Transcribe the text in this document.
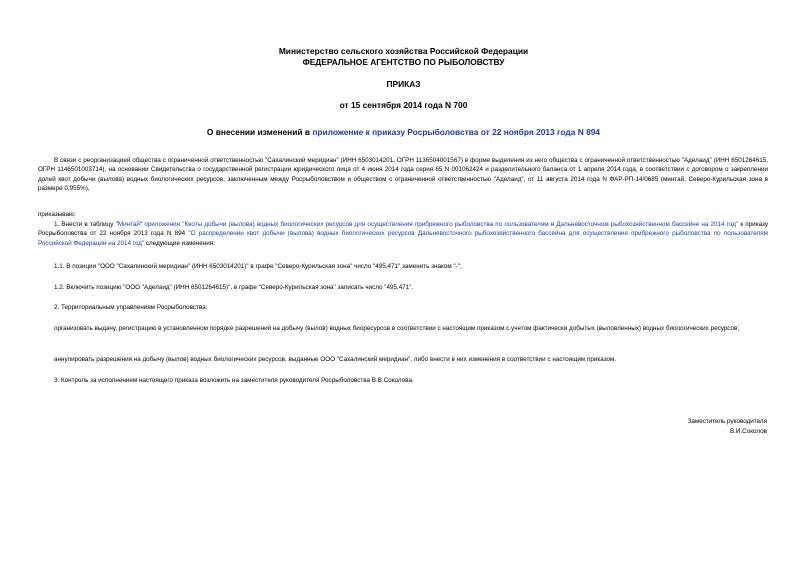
Министерство сельского хозяйства Российской Федерации
ФЕДЕРАЛЬНОЕ АГЕНТСТВО ПО РЫБОЛОВСТВУ
ПРИКАЗ
от 15 сентября 2014 года N 700
О внесении изменений в приложение к приказу Росрыболовства от 22 ноября 2013 года N 894
В связи с реорганизацией общества с ограниченной ответственностью "Сахалинский меридиан" (ИНН 6503014201, ОГРН 1136504001567) в форме выделения из него общества с ограниченной ответственностью "Аделаид" (ИНН 6501264615, ОГРН 1146501003714), на основании Свидетельства о государственной регистрации юридического лица от 4 июня 2014 года серия 65 N 001062424 и разделительного баланса от 1 апреля 2014 года, в соответствии с договором о закреплении долей квот добычи (вылова) водных биологических ресурсов, заключенным между Росрыболовством и обществом с ограниченной ответственностью "Аделаид", от 11 августа 2014 года N ФАР-РП-14/0685 (минтай, Северо-Курильская зона в размере 0,955%),
приказываю:
1. Внести в таблицу "Минтай" приложения "Квоты добычи (вылова) водных биологических ресурсов для осуществления прибрежного рыболовства по пользователям в Дальневосточном рыбохозяйственном бассейне на 2014 год" к приказу Росрыболовства от 22 ноября 2013 года N 894 "О распределении квот добычи (вылова) водных биологических ресурсов Дальневосточного рыбохозяйственного бассейна для осуществления прибрежного рыболовства по пользователям Российской Федерации на 2014 год" следующие изменения:
1.1. В позиции "ООО "Сахалинский меридиан" (ИНН 6503014201)" в графе "Северо-Курильская зона" число "495,471" заменить знаком "-";
1.2. Включить позицию "ООО "Аделаид" (ИНН 6501264615)", в графе "Северо-Курильская зона" записать число "495,471".
2. Территориальным управлениям Росрыболовства:
организовать выдачу, регистрацию в установленном порядке разрешений на добычу (вылов) водных биоресурсов в соответствии с настоящим приказом с учетом фактически добытых (выловленных) водных биологических ресурсов;
аннулировать разрешения на добычу (вылов) водных биологических ресурсов, выданные ООО "Сахалинский меридиан", либо внести в них изменения в соответствии с настоящим приказом.
3. Контроль за исполнением настоящего приказа возложить на заместителя руководителя Росрыболовства В.В.Соколова.
Заместитель руководителя
В.И.Соколов
